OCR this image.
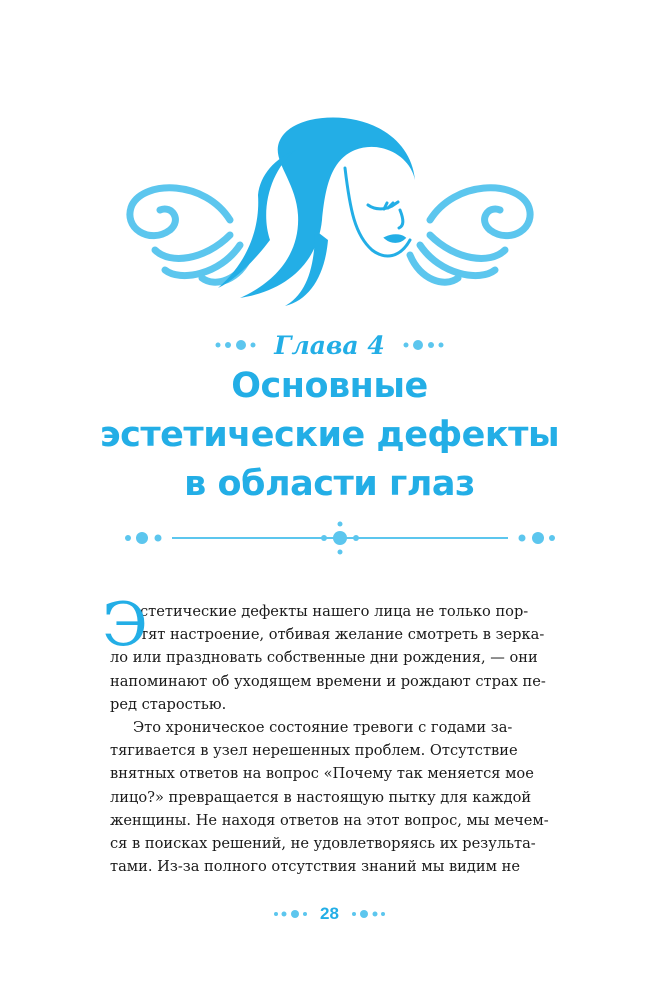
Глава 4
Основные
эстетические дефекты
в области глаз
Э
стетические дефекты нашего лица не только пор-
тят настроение, отбивая желание смотреть в зерка-
ло или праздновать собственные дни рождения, — они
напоминают об уходящем времени и рождают страх пе-
ред старостью.
Это хроническое состояние тревоги с годами за-
тягивается в узел нерешенных проблем. Отсутствие
внятных ответов на вопрос «Почему так меняется мое
лицо?» превращается в настоящую пытку для каждой
женщины. Не находя ответов на этот вопрос, мы мечем-
ся в поисках решений, не удовлетворяясь их результа-
тами. Из-за полного отсутствия знаний мы видим не
28
